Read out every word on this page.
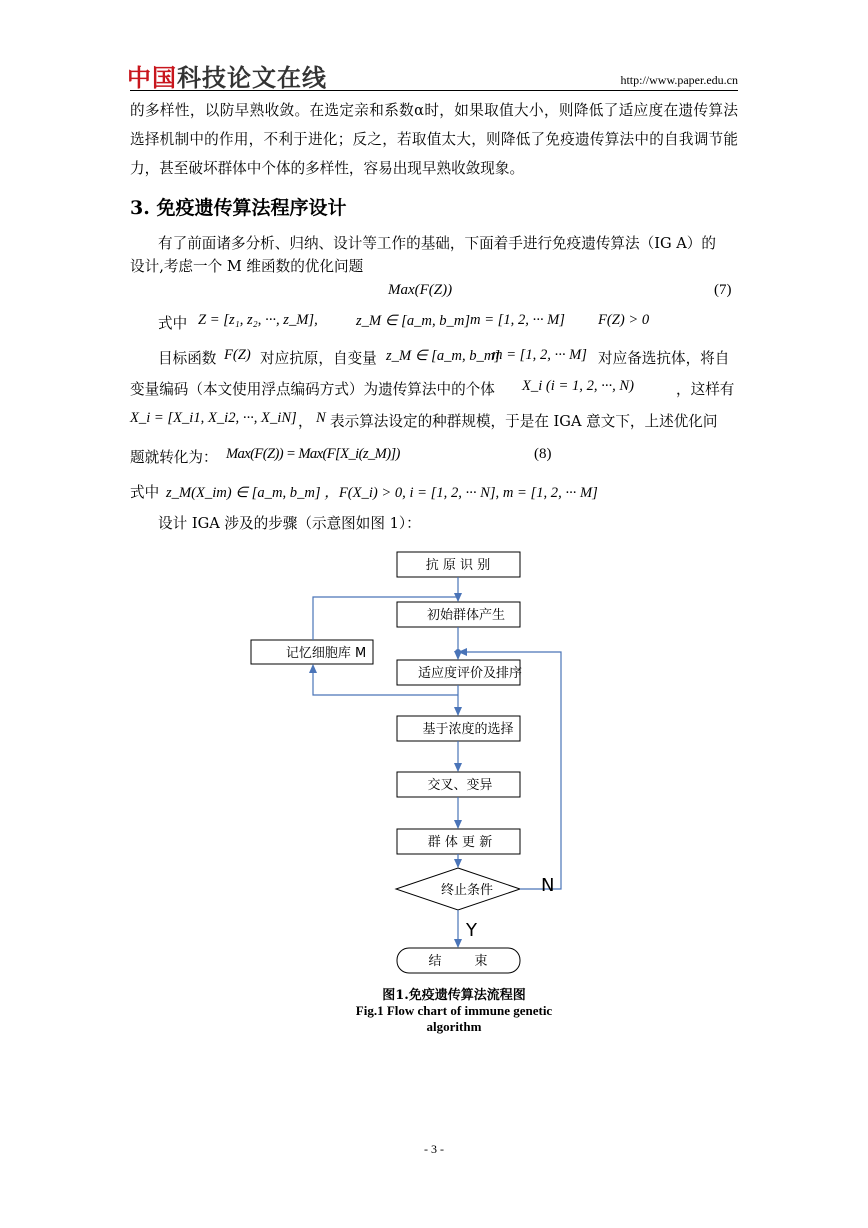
中国科技论文在线	http://www.paper.edu.cn
的多样性，以防早熟收敛。在选定亲和系数α时，如果取值大小，则降低了适应度在遗传算法选择机制中的作用，不利于进化；反之，若取值太大，则降低了免疫遗传算法中的自我调节能力，甚至破坏群体中个体的多样性，容易出现早熟收敛现象。
3. 免疫遗传算法程序设计
有了前面诸多分析、归纳、设计等工作的基础，下面着手进行免疫遗传算法（IG A）的
设计,考虑一个 M 维函数的优化问题
Max(F(Z))	(7)
式中 Z = [z₁, z₂, ···, z_M],	z_M ∈ [a_m, b_m] m = [1, 2, ··· M] F(Z) > 0
目标函数 F(Z) 对应抗原，自变量 z_M ∈ [a_m, b_m]
m = [1, 2, ··· M] 对应备选抗体，将自
变量编码（本文使用浮点编码方式）为遗传算法中的个体 X_i (i = 1, 2, ···, N)	，这样有
X_i = [X_i1, X_i2, ···, X_iN] ， N 表示算法设定的种群规模，于是在 IGA 意文下，上述优化问
题就转化为： Max(F(Z)) = Max(F[X_i(z_M)])	(8)
式中 z_M(X_im) ∈ [a_m, b_m] ，F(X_i) > 0, i = [1, 2, ··· N], m = [1, 2, ··· M]
设计 IGA 涉及的步骤（示意图如图 1）：
抗 原 识 别
初始群体产生
记忆细胞库 M
适应度评价及排序
基于浓度的选择
交叉、变异
群 体 更 新
终止条件
结        束
N
Y
图1.免疫遗传算法流程图
Fig.1 Flow chart of immune genetic
algorithm
- 3 -
